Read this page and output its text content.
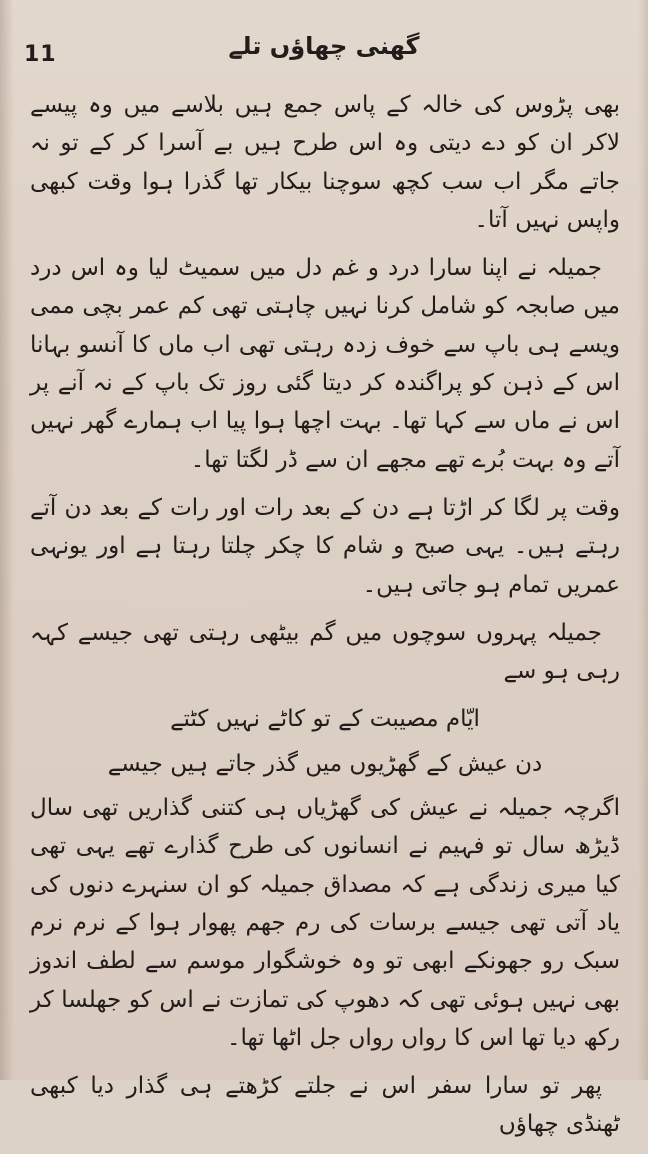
11	گھنی چھاؤں تلے

بھی پڑوس کی خالہ کے پاس جمع ہیں بلاسے میں وہ پیسے لاکر ان کو دے دیتی وہ اس طرح ہیں بے آسرا کر کے تو نہ جاتے مگر اب سب کچھ سوچنا بیکار تھا گذرا ہوا وقت کبھی واپس نہیں آتا۔

جمیلہ نے اپنا سارا درد و غم دل میں سمیٹ لیا وہ اس درد میں صابجہ کو شامل کرنا نہیں چاہتی تھی کم عمر بچی ممی ویسے ہی باپ سے خوف زدہ رہتی تھی اب ماں کا آنسو بہانا اس کے ذہن کو پراگندہ کر دیتا گئی روز تک باپ کے نہ آنے پر اس نے ماں سے کہا تھا۔ بہت اچھا ہوا پیا اب ہمارے گھر نہیں آتے وہ بہت بُرے تھے مجھے ان سے ڈر لگتا تھا۔

وقت پر لگا کر اڑتا ہے دن کے بعد رات اور رات کے بعد دن آتے رہتے ہیں۔ یہی صبح و شام کا چکر چلتا رہتا ہے اور یونہی عمریں تمام ہو جاتی ہیں۔

جمیلہ پہروں سوچوں میں گم بیٹھی رہتی تھی جیسے کہہ رہی ہو سے

ایّام مصیبت کے تو کاٹے نہیں کٹتے
دن عیش کے گھڑیوں میں گذر جاتے ہیں جیسے

اگرچہ جمیلہ نے عیش کی گھڑیاں ہی کتنی گذاریں تھی سال ڈیڑھ سال تو فہیم نے انسانوں کی طرح گذارے تھے یہی تھی کیا میری زندگی ہے کہ مصداق جمیلہ کو ان سنہرے دنوں کی یاد آتی تھی جیسے برسات کی رم جھم پھوار ہوا کے نرم نرم سبک رو جھونکے ابھی تو وہ خوشگوار موسم سے لطف اندوز بھی نہیں ہوئی تھی کہ دھوپ کی تمازت نے اس کو جھلسا کر رکھ دیا تھا اس کا رواں رواں جل اٹھا تھا۔

پھر تو سارا سفر اس نے جلتے کڑھتے ہی گذار دیا کبھی ٹھنڈی چھاؤں
